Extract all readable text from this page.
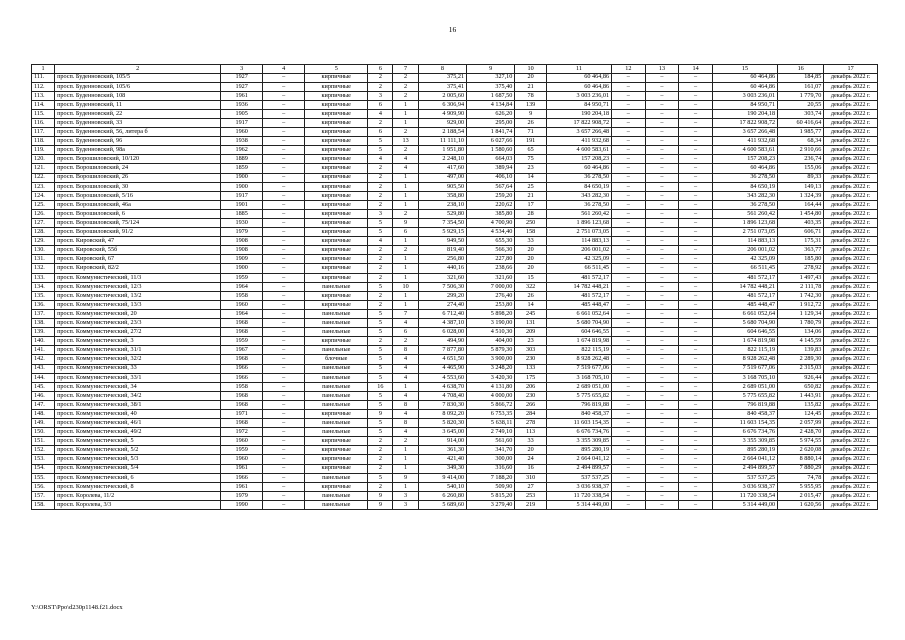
16
1	2	3	4	5	6	7	8	9	10	11	12	13	14	15	16	17
111.	просп. Буденновский, 105/5	1927	–	кирпичные	2	2	375,21	327,10	20	60 464,86	–	–	–	60 464,86	184,85	декабрь 2022 г.
112.	просп. Буденновский, 105/6	1927	–	кирпичные	2	2	375,41	375,40	21	60 464,86	–	–	–	60 464,86	161,07	декабрь 2022 г.
113.	просп. Буденновский, 108	1961	–	кирпичные	3	2	2 005,60	1 687,50	78	3 003 236,01	–	–	–	3 003 236,01	1 779,70	декабрь 2022 г.
114.	просп. Буденновский, 11	1936	–	кирпичные	6	1	6 306,94	4 134,84	139	84 950,71	–	–	–	84 950,71	20,55	декабрь 2022 г.
115.	просп. Буденновский, 22	1905	–	кирпичные	4	1	4 909,90	626,20	9	190 204,18	–	–	–	190 204,18	303,74	декабрь 2022 г.
116.	просп. Буденновский, 33	1917	–	кирпичные	2	1	929,00	295,00	26	17 822 908,72	–	–	–	17 822 908,72	60 416,64	декабрь 2022 г.
117.	просп. Буденновский, 56, литера б	1960	–	кирпичные	6	2	2 188,54	1 841,74	71	3 657 266,48	–	–	–	3 657 266,48	1 985,77	декабрь 2022 г.
118.	просп. Буденновский, 96	1938	–	кирпичные	5	13	11 111,10	6 027,66	191	411 932,68	–	–	–	411 932,68	68,34	декабрь 2022 г.
119.	просп. Буденновский, 98а	1962	–	кирпичные	5	2	1 951,80	1 580,60	65	4 600 583,61	–	–	–	4 600 583,61	2 910,66	декабрь 2022 г.
120.	просп. Ворошиловский, 10/120	1889	–	кирпичные	4	4	2 248,10	664,03	75	157 208,23	–	–	–	157 208,23	236,74	декабрь 2022 г.
121.	просп. Ворошиловский, 24	1859	–	кирпичные	2	4	417,60	389,94	23	60 464,86	–	–	–	60 464,86	155,06	декабрь 2022 г.
122.	просп. Ворошиловский, 26	1900	–	кирпичные	2	1	497,00	406,10	14	36 278,50	–	–	–	36 278,50	89,33	декабрь 2022 г.
123.	просп. Ворошиловский, 30	1900	–	кирпичные	2	1	905,50	567,64	25	84 650,19	–	–	–	84 650,19	149,13	декабрь 2022 г.
124.	просп. Ворошиловский, 5/16	1917	–	кирпичные	2	1	358,80	259,20	21	343 282,30	–	–	–	343 282,30	1 324,39	декабрь 2022 г.
125.	просп. Ворошиловский, 46а	1901	–	кирпичные	2	1	238,10	220,62	17	36 278,50	–	–	–	36 278,50	164,44	декабрь 2022 г.
126.	просп. Ворошиловский, 6	1885	–	кирпичные	3	2	529,80	385,80	28	561 260,42	–	–	–	561 260,42	1 454,80	декабрь 2022 г.
127.	просп. Ворошиловский, 75/124	1930	–	кирпичные	5	9	7 354,50	4 700,90	250	1 896 123,68	–	–	–	1 896 123,68	403,35	декабрь 2022 г.
128.	просп. Ворошиловский, 91/2	1979	–	кирпичные	5	6	5 929,15	4 534,40	158	2 751 073,05	–	–	–	2 751 073,05	606,71	декабрь 2022 г.
129.	просп. Кировский, 47	1908	–	кирпичные	4	1	949,50	655,30	33	114 883,13	–	–	–	114 883,13	175,31	декабрь 2022 г.
130.	просп. Кировский, 55б	1908	–	кирпичные	2	2	819,40	566,30	20	206 001,02	–	–	–	206 001,02	363,77	декабрь 2022 г.
131.	просп. Кировский, 67	1909	–	кирпичные	2	1	256,80	227,80	20	42 325,09	–	–	–	42 325,09	185,80	декабрь 2022 г.
132.	просп. Кировский, 82/2	1900	–	кирпичные	2	1	440,16	238,66	20	66 511,45	–	–	–	66 511,45	278,92	декабрь 2022 г.
133.	просп. Коммунистический, 11/3	1959	–	кирпичные	2	1	321,60	321,60	15	481 572,17	–	–	–	481 572,17	1 497,43	декабрь 2022 г.
134.	просп. Коммунистический, 12/3	1964	–	панельные	5	10	7 506,30	7 000,00	322	14 782 448,21	–	–	–	14 782 448,21	2 111,78	декабрь 2022 г.
135.	просп. Коммунистический, 13/2	1958	–	кирпичные	2	1	299,20	276,40	26	481 572,17	–	–	–	481 572,17	1 742,30	декабрь 2022 г.
136.	просп. Коммунистический, 13/3	1960	–	кирпичные	2	1	274,40	253,80	14	485 448,47	–	–	–	485 448,47	1 912,72	декабрь 2022 г.
137.	просп. Коммунистический, 20	1964	–	панельные	5	7	6 712,40	5 898,20	245	6 661 052,64	–	–	–	6 661 052,64	1 129,34	декабрь 2022 г.
138.	просп. Коммунистический, 23/3	1968	–	панельные	5	4	4 387,10	3 190,00	131	5 680 704,90	–	–	–	5 680 704,90	1 780,79	декабрь 2022 г.
139.	просп. Коммунистический, 27/2	1968	–	панельные	5	6	6 028,00	4 510,30	209	604 646,55	–	–	–	604 646,55	134,06	декабрь 2022 г.
140.	просп. Коммунистический, 3	1959	–	кирпичные	2	2	494,90	404,00	23	1 674 819,98	–	–	–	1 674 819,98	4 145,59	декабрь 2022 г.
141.	просп. Коммунистический, 31/1	1967	–	панельные	5	8	7 877,80	5 879,30	303	822 115,19	–	–	–	822 115,19	139,83	декабрь 2022 г.
142.	просп. Коммунистический, 32/2	1968	–	блочные	5	4	4 651,50	3 900,00	230	8 928 262,48	–	–	–	8 928 262,48	2 289,30	декабрь 2022 г.
143.	просп. Коммунистический, 33	1966	–	панельные	5	4	4 465,90	3 248,20	133	7 519 677,06	–	–	–	7 519 677,06	2 315,03	декабрь 2022 г.
144.	просп. Коммунистический, 33/1	1966	–	панельные	5	4	4 553,60	3 420,30	175	3 168 705,10	–	–	–	3 168 705,10	926,44	декабрь 2022 г.
145.	просп. Коммунистический, 34	1958	–	панельные	16	1	4 638,70	4 131,80	206	2 689 051,00	–	–	–	2 689 051,00	650,82	декабрь 2022 г.
146.	просп. Коммунистический, 34/2	1968	–	панельные	5	4	4 708,40	4 000,00	230	5 775 655,82	–	–	–	5 775 655,82	1 443,91	декабрь 2022 г.
147.	просп. Коммунистический, 38/1	1968	–	панельные	5	8	7 830,30	5 866,72	266	796 819,88	–	–	–	796 819,88	135,82	декабрь 2022 г.
148.	просп. Коммунистический, 40	1971	–	кирпичные	9	4	8 092,20	6 753,35	284	840 458,37	–	–	–	840 458,37	124,45	декабрь 2022 г.
149.	просп. Коммунистический, 46/1	1968	–	панельные	5	8	5 820,30	5 638,11	278	11 603 154,35	–	–	–	11 603 154,35	2 057,99	декабрь 2022 г.
150.	просп. Коммунистический, 49/2	1972	–	панельные	5	4	3 645,00	2 749,10	113	6 676 734,76	–	–	–	6 676 734,76	2 428,70	декабрь 2022 г.
151.	просп. Коммунистический, 5	1960	–	кирпичные	2	2	914,00	561,60	33	3 355 309,85	–	–	–	3 355 309,85	5 974,55	декабрь 2022 г.
152.	просп. Коммунистический, 5/2	1959	–	кирпичные	2	1	361,30	341,70	20	895 280,19	–	–	–	895 280,19	2 620,08	декабрь 2022 г.
153.	просп. Коммунистический, 5/3	1960	–	кирпичные	2	1	421,40	300,00	24	2 664 041,12	–	–	–	2 664 041,12	8 880,14	декабрь 2022 г.
154.	просп. Коммунистический, 5/4	1961	–	кирпичные	2	1	349,30	316,60	16	2 494 899,57	–	–	–	2 494 899,57	7 880,29	декабрь 2022 г.
155.	просп. Коммунистический, 6	1966	–	панельные	5	9	9 414,00	7 188,20	310	537 537,25	–	–	–	537 537,25	74,78	декабрь 2022 г.
156.	просп. Коммунистический, 8	1961	–	кирпичные	2	1	540,10	509,90	27	3 036 938,37	–	–	–	3 036 938,37	5 955,95	декабрь 2022 г.
157.	просп. Королева, 11/2	1979	–	панельные	9	3	6 260,80	5 815,20	253	11 720 338,54	–	–	–	11 720 338,54	2 015,47	декабрь 2022 г.
158.	просп. Королева, 3/3	1990	–	панельные	9	3	5 689,60	3 279,40	219	5 314 449,00	–	–	–	5 314 449,00	1 620,56	декабрь 2022 г.
Y:\ORST\Ppo\d230p1148.f21.docx
